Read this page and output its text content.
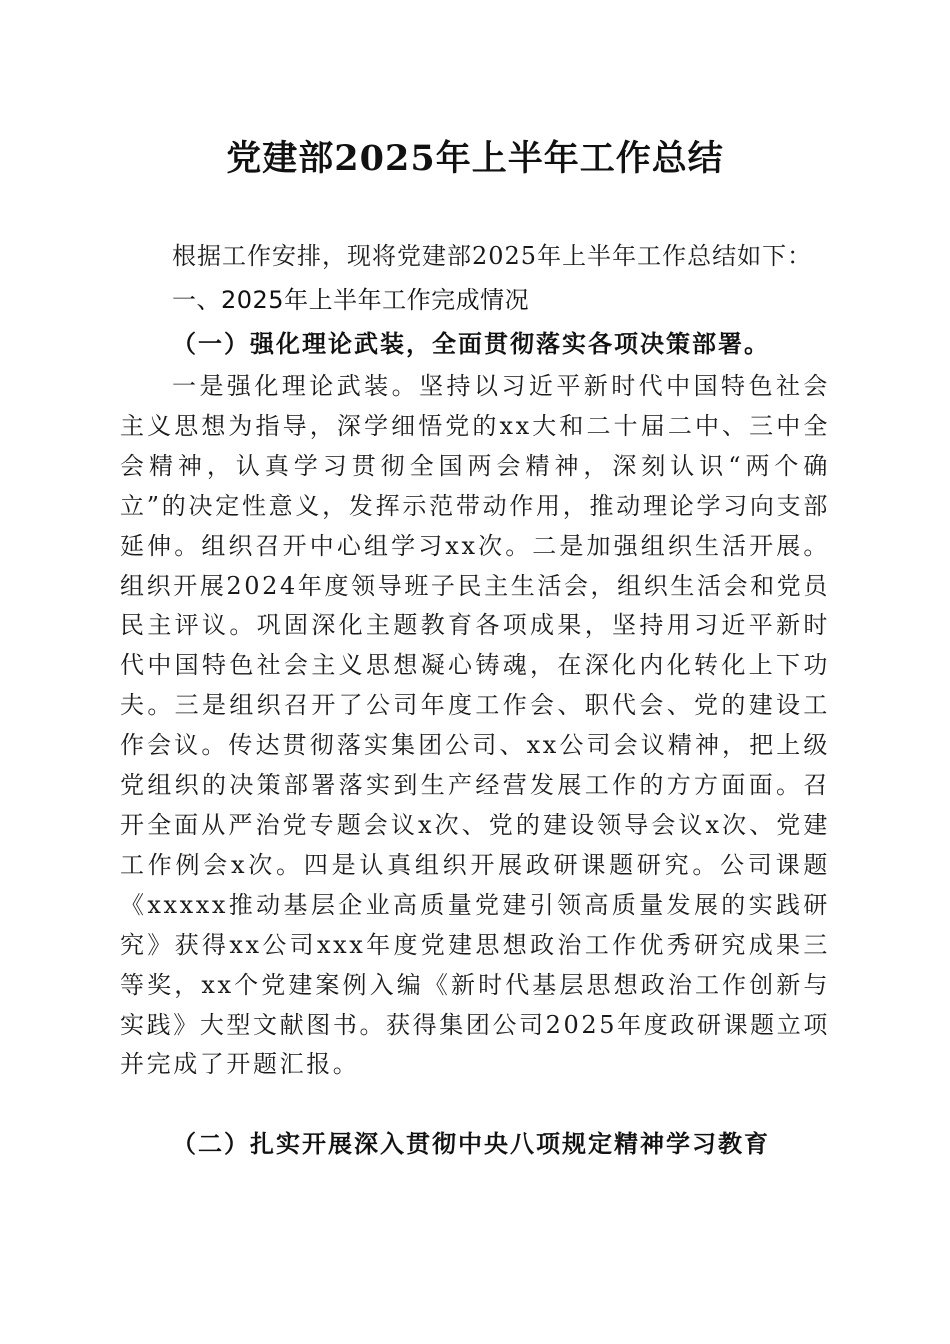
党建部2025年上半年工作总结
根据工作安排，现将党建部2025年上半年工作总结如下：
一、2025年上半年工作完成情况
（一）强化理论武装，全面贯彻落实各项决策部署。
一是强化理论武装。坚持以习近平新时代中国特色社会主义思想为指导，深学细悟党的xx大和二十届二中、三中全会精神，认真学习贯彻全国两会精神，深刻认识“两个确立”的决定性意义，发挥示范带动作用，推动理论学习向支部延伸。组织召开中心组学习xx次。二是加强组织生活开展。组织开展2024年度领导班子民主生活会，组织生活会和党员民主评议。巩固深化主题教育各项成果，坚持用习近平新时代中国特色社会主义思想凝心铸魂，在深化内化转化上下功夫。三是组织召开了公司年度工作会、职代会、党的建设工作会议。传达贯彻落实集团公司、xx公司会议精神，把上级党组织的决策部署落实到生产经营发展工作的方方面面。召开全面从严治党专题会议x次、党的建设领导会议x次、党建工作例会x次。四是认真组织开展政研课题研究。公司课题《xxxxx推动基层企业高质量党建引领高质量发展的实践研究》获得xx公司xxx年度党建思想政治工作优秀研究成果三等奖，xx个党建案例入编《新时代基层思想政治工作创新与实践》大型文献图书。获得集团公司2025年度政研课题立项并完成了开题汇报。
（二）扎实开展深入贯彻中央八项规定精神学习教育
